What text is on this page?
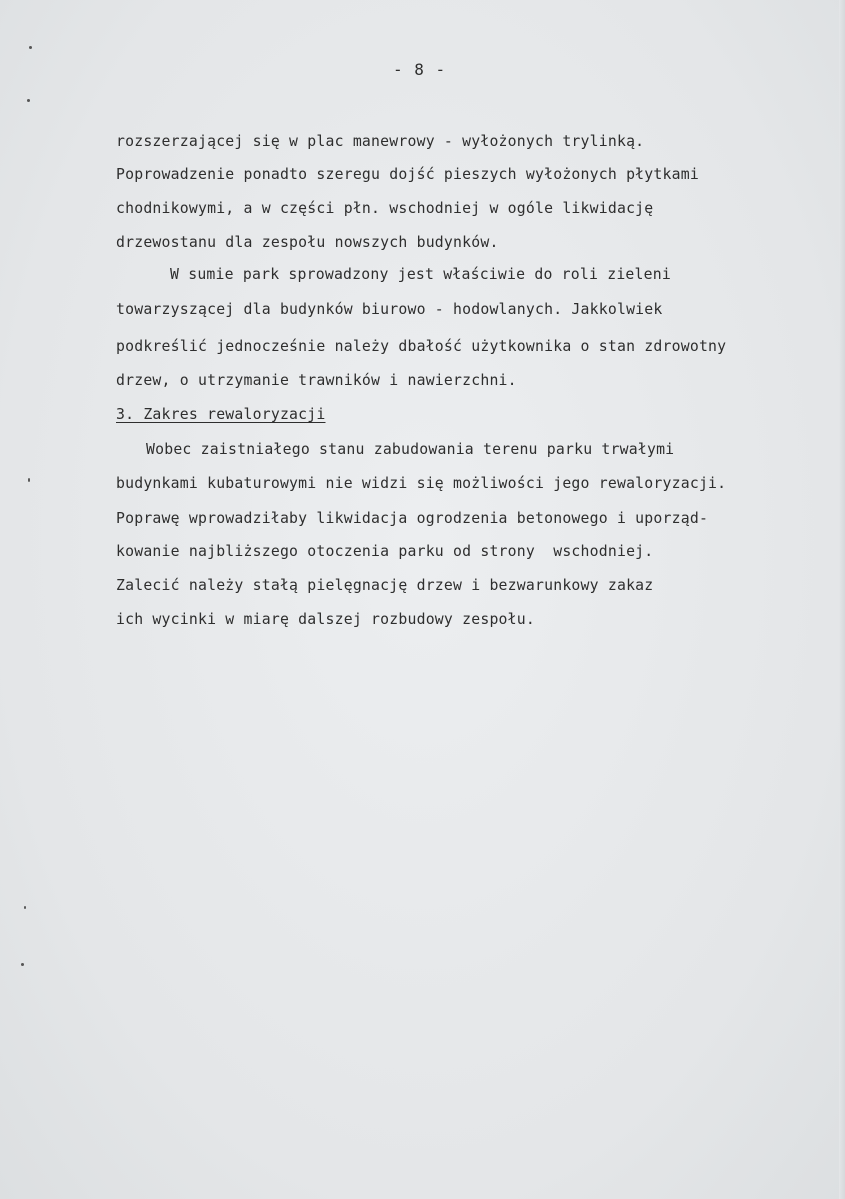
- 8 -
rozszerzającej się w plac manewrowy - wyłożonych trylinką.
Poprowadzenie ponadto szeregu dojść pieszych wyłożonych płytkami
chodnikowymi, a w części płn. wschodniej w ogóle likwidację
drzewostanu dla zespołu nowszych budynków.
W sumie park sprowadzony jest właściwie do roli zieleni
towarzyszącej dla budynków biurowo - hodowlanych. Jakkolwiek
podkreślić jednocześnie należy dbałość użytkownika o stan zdrowotny
drzew, o utrzymanie trawników i nawierzchni.
3. Zakres rewaloryzacji
Wobec zaistniałego stanu zabudowania terenu parku trwałymi
budynkami kubaturowymi nie widzi się możliwości jego rewaloryzacji.
Poprawę wprowadziłaby likwidacja ogrodzenia betonowego i uporząd-
kowanie najbliższego otoczenia parku od strony  wschodniej.
Zalecić należy stałą pielęgnację drzew i bezwarunkowy zakaz
ich wycinki w miarę dalszej rozbudowy zespołu.
